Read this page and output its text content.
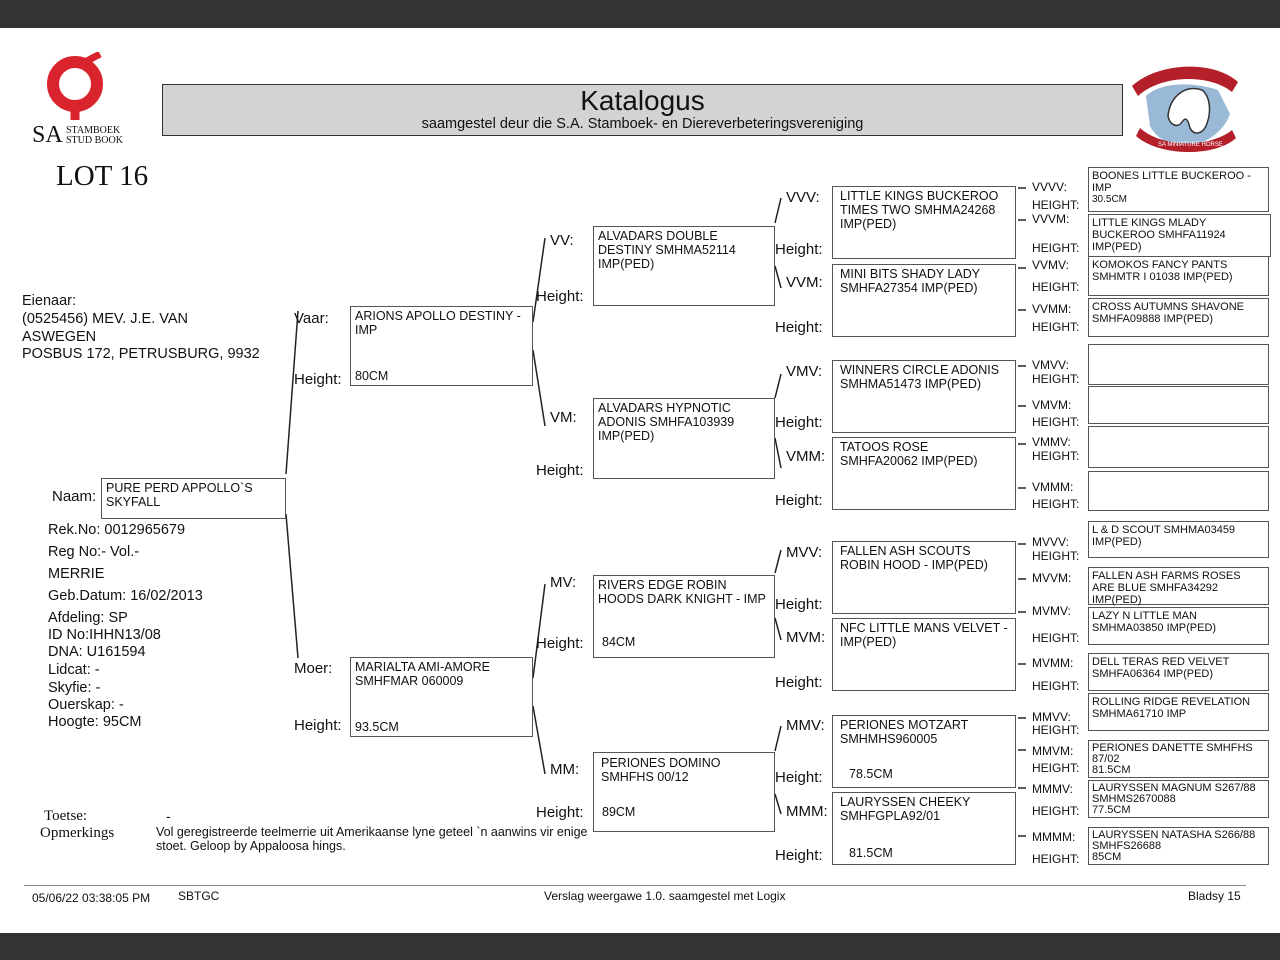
SA STAMBOEK
STUD BOOK
Katalogus
saamgestel deur die S.A. Stamboek- en Diereverbeteringsvereniging
SA MINIATUUR PERD
SA MINIATURE HORSE
LOT 16
Eienaar:
(0525456) MEV. J.E. VAN
ASWEGEN
POSBUS 172, PETRUSBURG, 9932
Naam: PURE PERD APPOLLO`S SKYFALL
Rek.No: 0012965679
Reg No:- Vol.-
MERRIE
Geb.Datum: 16/02/2013
Afdeling: SP
ID No:IHHN13/08
DNA: U161594
Lidcat: -
Skyfie: -
Ouerskap: -
Hoogte: 95CM
Vaar:	ARIONS APOLLO DESTINY - IMP
80CM
Height:
Moer:	MARIALTA AMI-AMORE SMHFMAR 060009
93.5CM
Height:
VV:	ALVADARS DOUBLE DESTINY SMHMA52114 IMP(PED)
Height:
VM:
ALVADARS HYPNOTIC ADONIS SMHFA103939 IMP(PED)
Height:
MV:	RIVERS EDGE ROBIN HOODS DARK KNIGHT - IMP
84CM
Height:
MM:	PERIONES DOMINO SMHFHS 00/12
89CM
Height:
VVV:	LITTLE KINGS BUCKEROO TIMES TWO SMHMA24268 IMP(PED)
Height:
VVM:	MINI BITS SHADY LADY SMHFA27354 IMP(PED)
Height:
VMV:	WINNERS CIRCLE ADONIS SMHMA51473 IMP(PED)
Height:
VMM:
TATOOS ROSE SMHFA20062 IMP(PED)
Height:
MVV:	FALLEN ASH SCOUTS ROBIN HOOD - IMP(PED)
Height:
MVM:
NFC LITTLE MANS VELVET - IMP(PED)
Height:
MMV:	PERIONES MOTZART SMHMHS960005
78.5CM
Height:
MMM:
LAURYSSEN CHEEKY SMHFGPLA92/01
81.5CM
Height:
VVVV:
HEIGHT:
BOONES LITTLE BUCKEROO - IMP
30.5CM
VVVM:
HEIGHT:
LITTLE KINGS MLADY BUCKEROO SMHFA11924 IMP(PED)
VVMV:
HEIGHT:
KOMOKOS FANCY PANTS SMHMTR I 01038 IMP(PED)
VVMM:
HEIGHT:
CROSS AUTUMNS SHAVONE SMHFA09888 IMP(PED)
VMVV:
HEIGHT:
VMVM:
HEIGHT:
VMMV:
HEIGHT:
VMMM:
HEIGHT:
MVVV:
HEIGHT:
L & D SCOUT SMHMA03459 IMP(PED)
MVVM: FALLEN ASH FARMS ROSES ARE BLUE SMHFA34292 IMP(PED)
MVMV:
HEIGHT:
LAZY N LITTLE MAN SMHMA03850 IMP(PED)
MVMM:
HEIGHT:
DELL TERAS RED VELVET SMHFA06364 IMP(PED)
MMVV:
HEIGHT:
ROLLING RIDGE REVELATION SMHMA61710 IMP
MMVM:
HEIGHT:
PERIONES DANETTE SMHFHS 87/02
81.5CM
MMMV:
HEIGHT:
LAURYSSEN MAGNUM S267/88 SMHMS2670088
77.5CM
MMMM:
HEIGHT:
LAURYSSEN NATASHA S266/88 SMHFS26688
85CM
Toetse:	-
Opmerkings	Vol geregistreerde teelmerrie uit Amerikaanse lyne geteel `n aanwins vir enige stoet. Geloop by Appaloosa hings.
05/06/22 03:38:05 PM SBTGC	Verslag weergawe 1.0. saamgestel met Logix	Bladsy 15
